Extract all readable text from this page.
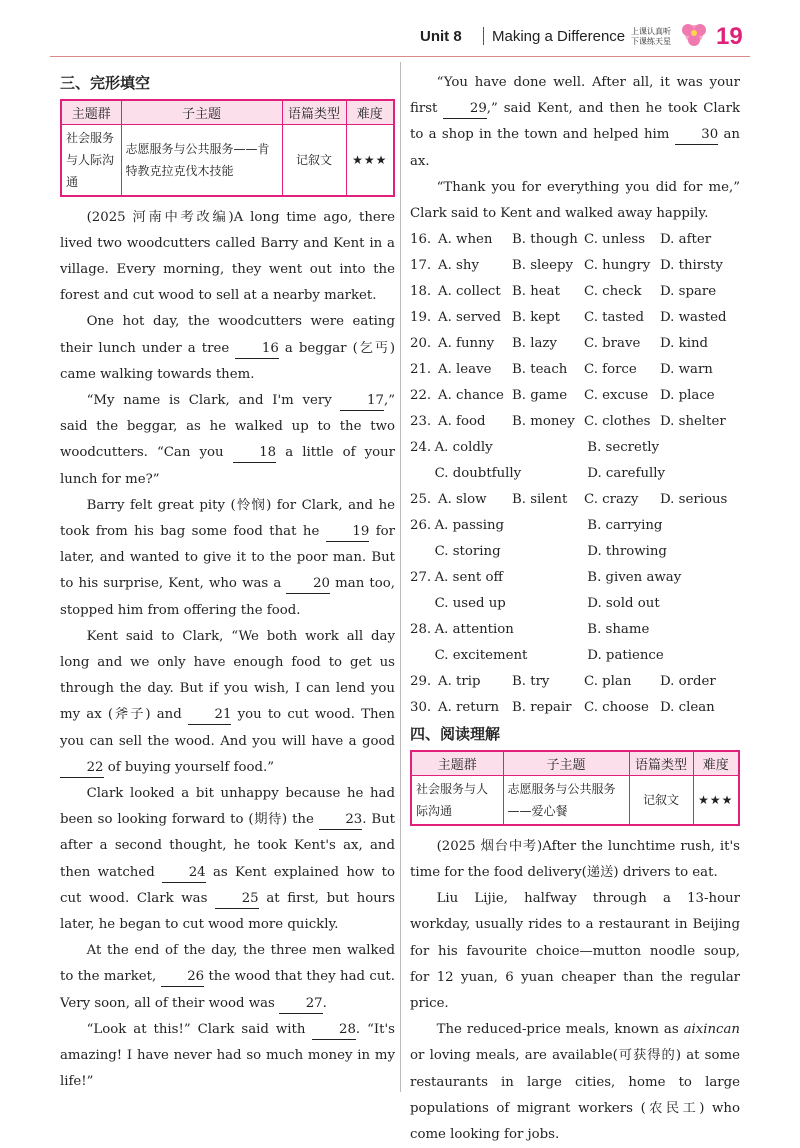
Unit 8 Making a Difference 上课认真听
下课练天星 19
三、完形填空
主题群	子主题	语篇类型	难度
社会服务与人际沟通	志愿服务与公共服务——肯特教克拉克伐木技能	记叙文	★★★

(2025 河南中考改编)A long time ago, there lived two woodcutters called Barry and Kent in a village. Every morning, they went out into the forest and cut wood to sell at a nearby market.

One hot day, the woodcutters were eating their lunch under a tree 16 a beggar (乞丐) came walking towards them.

“My name is Clark, and I'm very 17,” said the beggar, as he walked up to the two woodcutters. “Can you 18 a little of your lunch for me?”

Barry felt great pity (怜悯) for Clark, and he took from his bag some food that he 19 for later, and wanted to give it to the poor man. But to his surprise, Kent, who was a 20 man too, stopped him from offering the food.

Kent said to Clark, “We both work all day long and we only have enough food to get us through the day. But if you wish, I can lend you my ax (斧子) and 21 you to cut wood. Then you can sell the wood. And you will have a good 22 of buying yourself food.”

Clark looked a bit unhappy because he had been so looking forward to (期待) the 23. But after a second thought, he took Kent's ax, and then watched 24 as Kent explained how to cut wood. Clark was 25 at first, but hours later, he began to cut wood more quickly.

At the end of the day, the three men walked to the market, 26 the wood that they had cut. Very soon, all of their wood was 27.

“Look at this!” Clark said with 28. “It's amazing! I have never had so much money in my life!”

“You have done well. After all, it was your first 29,” said Kent, and then he took Clark to a shop in the town and helped him 30 an ax.

“Thank you for everything you did for me,” Clark said to Kent and walked away happily.

16. A. when	B. though C. unless	D. after
17. A. shy	B. sleepy C. hungry D. thirsty
18. A. collect B. heat	C. check	D. spare
19. A. served B. kept	C. tasted	D. wasted
20. A. funny	B. lazy	C. brave	D. kind
21. A. leave	B. teach	C. force	D. warn
22. A. chance B. game	C. excuse D. place
23. A. food	B. money C. clothes D. shelter
24. A. coldly	B. secretly
C. doubtfully	D. carefully
25. A. slow	B. silent	C. crazy	D. serious
26. A. passing	B. carrying
C. storing	D. throwing
27. A. sent off	B. given away
C. used up	D. sold out
28. A. attention	B. shame
C. excitement	D. patience
29. A. trip	B. try	C. plan	D. order
30. A. return B. repair C. choose D. clean
四、阅读理解
主题群	子主题	语篇类型	难度
社会服务与人际沟通	志愿服务与公共服务——爱心餐	记叙文	★★★

(2025 烟台中考)After the lunchtime rush, it's time for the food delivery(递送) drivers to eat.

Liu Lijie, halfway through a 13-hour workday, usually rides to a restaurant in Beijing for his favourite choice—mutton noodle soup, for 12 yuan, 6 yuan cheaper than the regular price.

The reduced-price meals, known as aixincan or loving meals, are available(可获得的) at some restaurants in large cities, home to large populations of migrant workers (农民工) who come looking for jobs.
